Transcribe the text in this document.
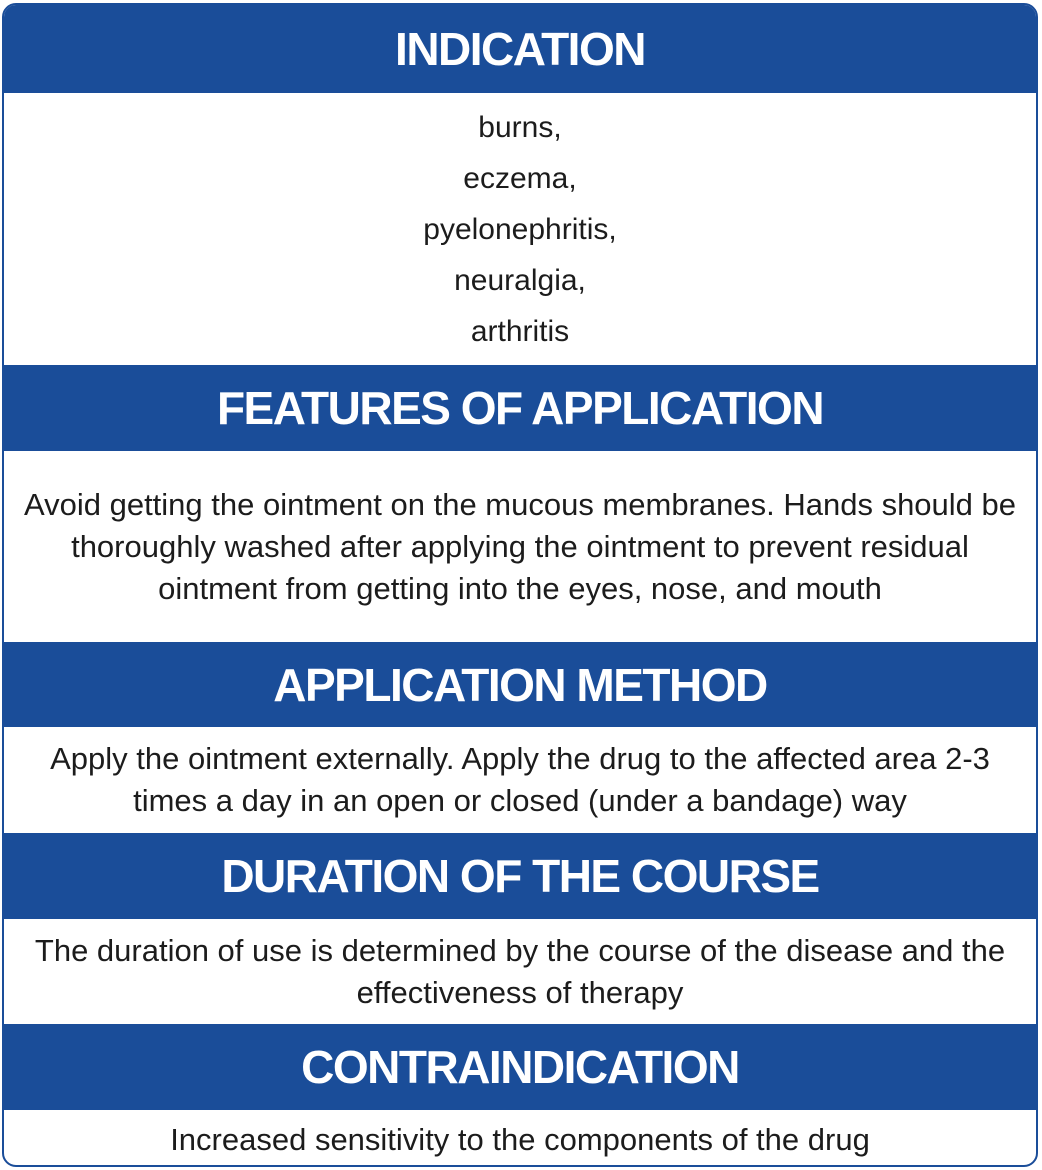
INDICATION
burns,
eczema,
pyelonephritis,
neuralgia,
arthritis
FEATURES OF APPLICATION
Avoid getting the ointment on the mucous membranes. Hands should be thoroughly washed after applying the ointment to prevent residual ointment from getting into the eyes, nose, and mouth
APPLICATION METHOD
Apply the ointment externally. Apply the drug to the affected area 2-3 times a day in an open or closed (under a bandage) way
DURATION OF THE COURSE
The duration of use is determined by the course of the disease and the effectiveness of therapy
CONTRAINDICATION
Increased sensitivity to the components of the drug
